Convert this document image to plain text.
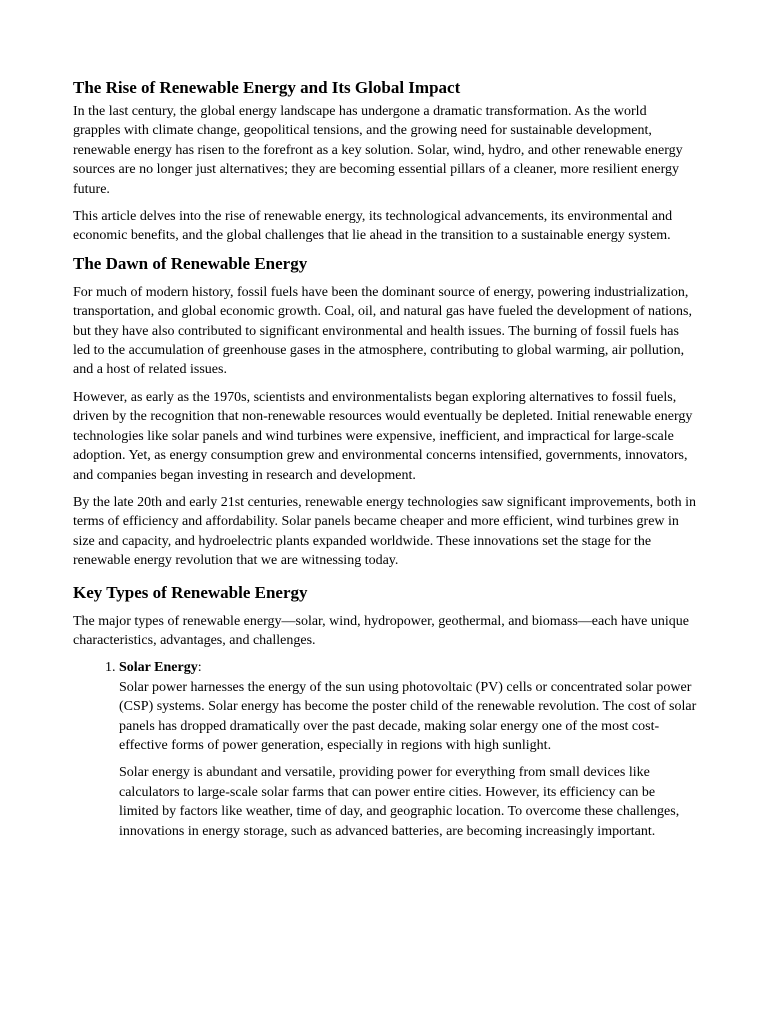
The Rise of Renewable Energy and Its Global Impact

In the last century, the global energy landscape has undergone a dramatic transformation. As the world grapples with climate change, geopolitical tensions, and the growing need for sustainable development, renewable energy has risen to the forefront as a key solution. Solar, wind, hydro, and other renewable energy sources are no longer just alternatives; they are becoming essential pillars of a cleaner, more resilient energy future.

This article delves into the rise of renewable energy, its technological advancements, its environmental and economic benefits, and the global challenges that lie ahead in the transition to a sustainable energy system.

The Dawn of Renewable Energy

For much of modern history, fossil fuels have been the dominant source of energy, powering industrialization, transportation, and global economic growth. Coal, oil, and natural gas have fueled the development of nations, but they have also contributed to significant environmental and health issues. The burning of fossil fuels has led to the accumulation of greenhouse gases in the atmosphere, contributing to global warming, air pollution, and a host of related issues.

However, as early as the 1970s, scientists and environmentalists began exploring alternatives to fossil fuels, driven by the recognition that non-renewable resources would eventually be depleted. Initial renewable energy technologies like solar panels and wind turbines were expensive, inefficient, and impractical for large-scale adoption. Yet, as energy consumption grew and environmental concerns intensified, governments, innovators, and companies began investing in research and development.

By the late 20th and early 21st centuries, renewable energy technologies saw significant improvements, both in terms of efficiency and affordability. Solar panels became cheaper and more efficient, wind turbines grew in size and capacity, and hydroelectric plants expanded worldwide. These innovations set the stage for the renewable energy revolution that we are witnessing today.

Key Types of Renewable Energy

The major types of renewable energy—solar, wind, hydropower, geothermal, and biomass—each have unique characteristics, advantages, and challenges.

1. Solar Energy:

Solar power harnesses the energy of the sun using photovoltaic (PV) cells or concentrated solar power (CSP) systems. Solar energy has become the poster child of the renewable revolution. The cost of solar panels has dropped dramatically over the past decade, making solar energy one of the most cost-effective forms of power generation, especially in regions with high sunlight.

Solar energy is abundant and versatile, providing power for everything from small devices like calculators to large-scale solar farms that can power entire cities. However, its efficiency can be limited by factors like weather, time of day, and geographic location. To overcome these challenges, innovations in energy storage, such as advanced batteries, are becoming increasingly important.
